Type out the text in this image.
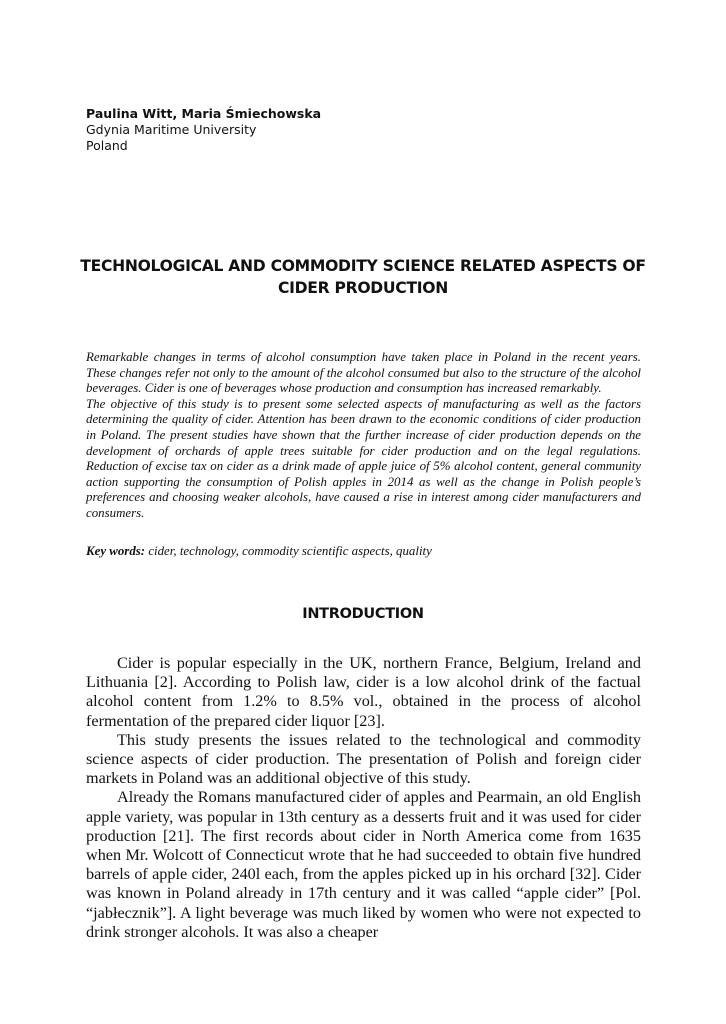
Paulina Witt, Maria Śmiechowska
Gdynia Maritime University
Poland
TECHNOLOGICAL AND COMMODITY SCIENCE RELATED ASPECTS OF CIDER PRODUCTION

Remarkable changes in terms of alcohol consumption have taken place in Poland in the recent years. These changes refer not only to the amount of the alcohol consumed but also to the structure of the alcohol beverages. Cider is one of beverages whose production and consumption has increased remarkably.

The objective of this study is to present some selected aspects of manufacturing as well as the factors determining the quality of cider. Attention has been drawn to the economic conditions of cider production in Poland. The present studies have shown that the further increase of cider production depends on the development of orchards of apple trees suitable for cider production and on the legal regulations. Reduction of excise tax on cider as a drink made of apple juice of 5% alcohol content, general community action supporting the consumption of Polish apples in 2014 as well as the change in Polish people’s preferences and choosing weaker alcohols, have caused a rise in interest among cider manufacturers and consumers.

Key words: cider, technology, commodity scientific aspects, quality
INTRODUCTION

Cider is popular especially in the UK, northern France, Belgium, Ireland and Lithuania [2]. According to Polish law, cider is a low alcohol drink of the factual alcohol content from 1.2% to 8.5% vol., obtained in the process of alcohol fermentation of the prepared cider liquor [23].

This study presents the issues related to the technological and commodity science aspects of cider production. The presentation of Polish and foreign cider markets in Poland was an additional objective of this study.

Already the Romans manufactured cider of apples and Pearmain, an old English apple variety, was popular in 13th century as a desserts fruit and it was used for cider production [21]. The first records about cider in North America come from 1635 when Mr. Wolcott of Connecticut wrote that he had succeeded to obtain five hundred barrels of apple cider, 240l each, from the apples picked up in his orchard [32]. Cider was known in Poland already in 17th century and it was called “apple cider” [Pol. “jabłecznik”]. A light beverage was much liked by women who were not expected to drink stronger alcohols. It was also a cheaper
